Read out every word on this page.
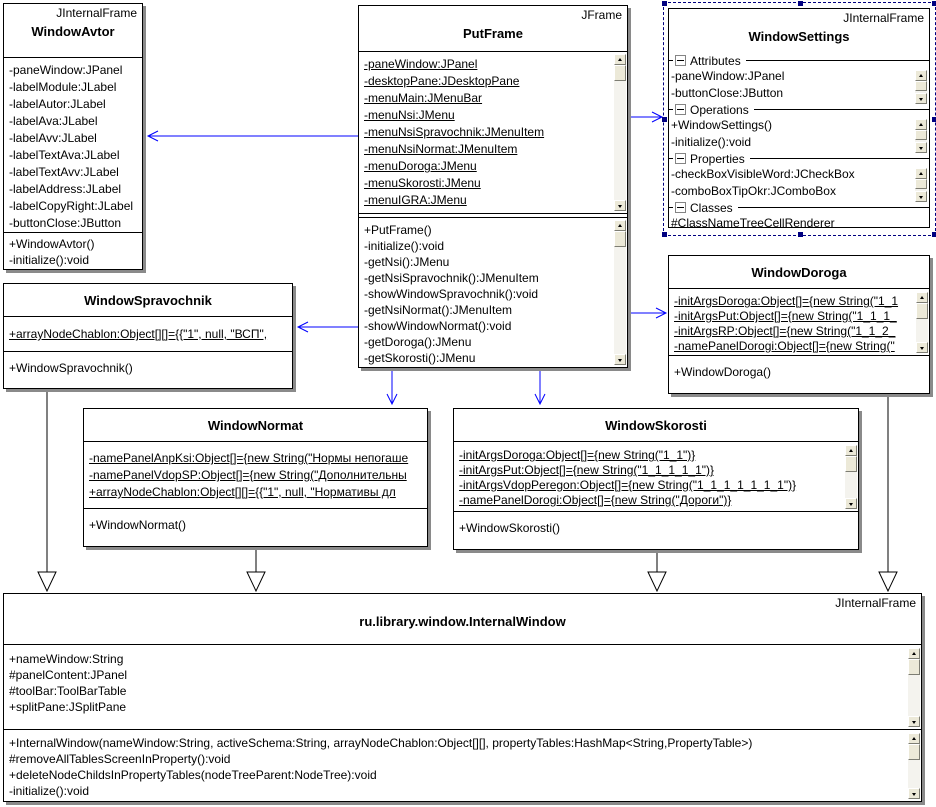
JInternalFrame
WindowAvtor
-paneWindow:JPanel
-labelModule:JLabel
-labelAutor:JLabel
-labelAva:JLabel
-labelAvv:JLabel
-labelTextAva:JLabel
-labelTextAvv:JLabel
-labelAddress:JLabel
-labelCopyRight:JLabel
-buttonClose:JButton
+WindowAvtor()
-initialize():void
JFrame
PutFrame
-paneWindow:JPanel
-desktopPane:JDesktopPane
-menuMain:JMenuBar
-menuNsi:JMenu
-menuNsiSpravochnik:JMenuItem
-menuNsiNormat:JMenuItem
-menuDoroga:JMenu
-menuSkorosti:JMenu
-menuIGRA:JMenu
+PutFrame()
-initialize():void
-getNsi():JMenu
-getNsiSpravochnik():JMenuItem
-showWindowSpravochnik():void
-getNsiNormat():JMenuItem
-showWindowNormat():void
-getDoroga():JMenu
-getSkorosti():JMenu
JInternalFrame
WindowSettings
Attributes
-paneWindow:JPanel
-buttonClose:JButton
Operations
+WindowSettings()
-initialize():void
Properties
-checkBoxVisibleWord:JCheckBox
-comboBoxTipOkr:JComboBox
Classes
#ClassNameTreeCellRenderer
WindowSpravochnik
+arrayNodeChablon:Object[][]={{"1", null, "ВСП",
+WindowSpravochnik()
WindowDoroga
-initArgsDoroga:Object[]={new String("1_1
-initArgsPut:Object[]={new String("1_1_1_
-initArgsRP:Object[]={new String("1_1_2_
-namePanelDorogi:Object[]={new String("
+WindowDoroga()
WindowNormat
-namePanelAnpKsi:Object[]={new String("Нормы непогаше
-namePanelVdopSP:Object[]={new String("Дополнительны
+arrayNodeChablon:Object[][]={{"1", null, "Нормативы дл
+WindowNormat()
WindowSkorosti
-initArgsDoroga:Object[]={new String("1_1")}
-initArgsPut:Object[]={new String("1_1_1_1_1")}
-initArgsVdopPeregon:Object[]={new String("1_1_1_1_1_1_1")}
-namePanelDorogi:Object[]={new String("Дороги")}
+WindowSkorosti()
JInternalFrame
ru.library.window.InternalWindow
+nameWindow:String
#panelContent:JPanel
#toolBar:ToolBarTable
+splitPane:JSplitPane
+InternalWindow(nameWindow:String, activeSchema:String, arrayNodeChablon:Object[][], propertyTables:HashMap<String,PropertyTable>)
#removeAllTablesScreenInProperty():void
+deleteNodeChildsInPropertyTables(nodeTreeParent:NodeTree):void
-initialize():void
